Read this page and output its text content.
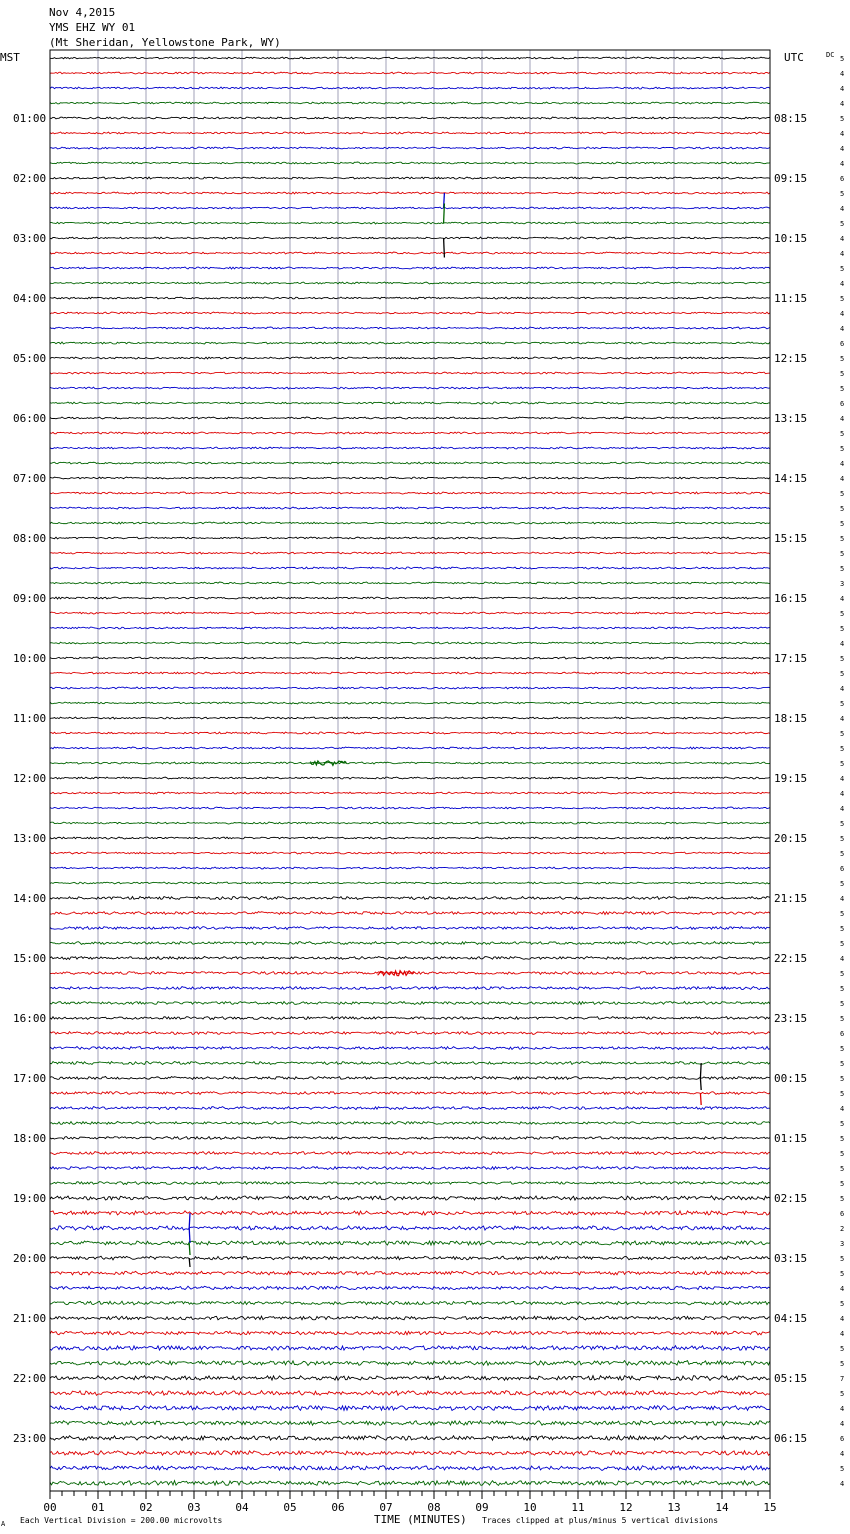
Nov 4,2015
YMS EHZ WY 01
(Mt Sheridan, Yellowstone Park, WY)
MST	UTC	DC
01:00
02:00
03:00
04:00
05:00
06:00
07:00
08:00
09:00
10:00
11:00
12:00
13:00
14:00
15:00
16:00
17:00
18:00
19:00
20:00
21:00
22:00
23:00
08:15
09:15
10:15
11:15
12:15
13:15
14:15
15:15
16:15
17:15
18:15
19:15
20:15
21:15
22:15
23:15
00:15
01:15
02:15
03:15
04:15
05:15
06:15
5
4
4
4
5
4
4
4
6
5
4
5
4
4
5
4
5
4
4
6
5
5
5
6
4
5
5
4
4
5
5
5
5
5
5
3
4
5
5
4
5
5
4
5
4
5
5
5
4
4
4
5
5
5
6
5
4
5
5
5
4
5
5
5
5
6
5
5
5
5
4
5
5
5
5
5
5
6
2
3
5
5
4
5
4
4
5
5
7
5
4
4
6
4
5
4
00	01	02	03	04	05	06	07	08	09	10	11	12	13	14	15
TIME (MINUTES)
Each Vertical Division = 200.00 microvolts	Traces clipped at plus/minus 5 vertical divisions
A
